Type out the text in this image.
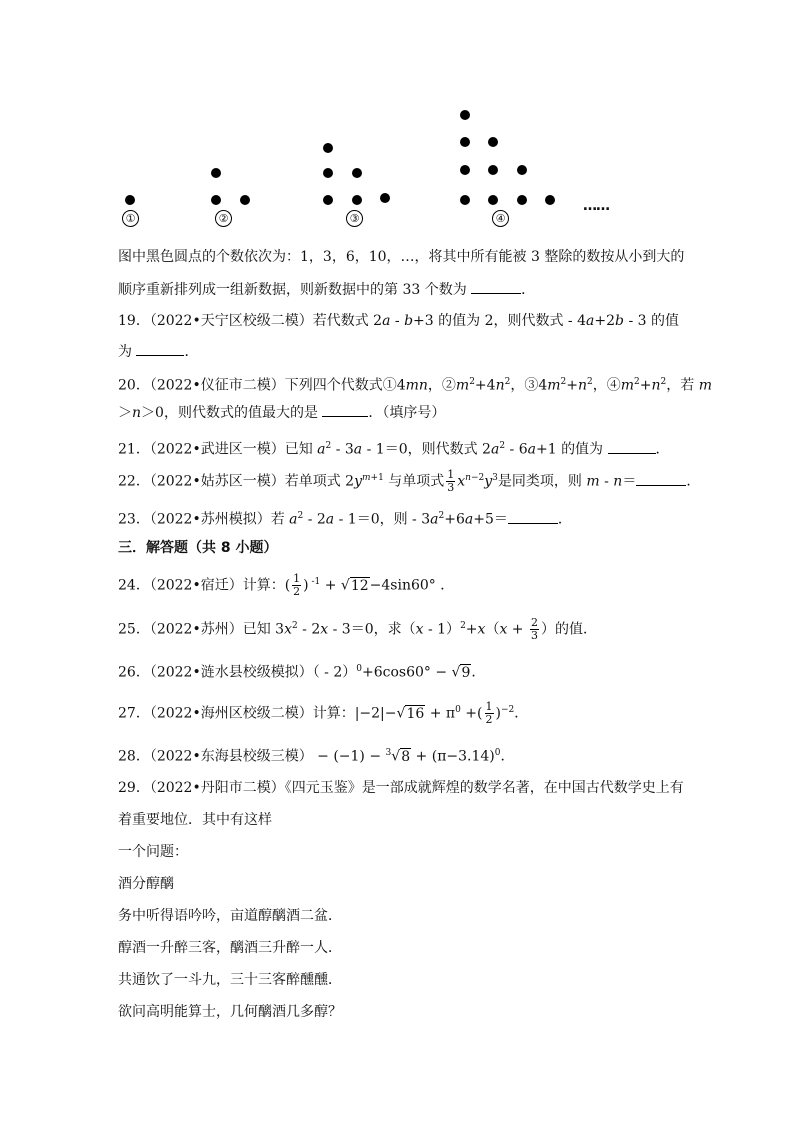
……
①	②	③	④
图中黑色圆点的个数依次为：1，3，6，10，…，将其中所有能被 3 整除的数按从小到大的
顺序重新排列成一组新数据，则新数据中的第 33 个数为	．
19．（2022•天宁区校级二模）若代数式 2a - b+3 的值为 2，则代数式 - 4a+2b - 3 的值
为	．
20．（2022•仪征市二模）下列四个代数式①4mn，$②m^2+4n^2$，$③4m^2+n^2$，$④m^2+n^2$，若 m
＞n＞0，则代数式的值最大的是	．（填序号）
21．（2022•武进区一模）已知 $a^2 - 3a - 1=0$，则代数式 $2a^2 - 6a+1$ 的值为	．
22．（2022•姑苏区一模）若单项式 $2y^{m+1}$ 与单项式 $\frac{1}{3} x^{n-2}y^3$是同类项，则 m - n＝	．
23．（2022•苏州模拟）若 $a^2 - 2a - 1=0$，则 - $3a^2+6a+5=$	．
三．解答题（共 8 小题）
24．（2022•宿迁）计算：( $\frac{1}{2}$ ) $^{-1}$ + √12−4sin60° ．
25．（2022•苏州）已知 $3x^2 - 2x - 3=0$，求$(x - 1)^2+x(x + \frac{2}{3}$ ）的值．
26．（2022•涟水县校级模拟）（ - 2）$^0$+6cos60° − √9．
27．（2022•海州区校级二模）计算：$|-2|-√16 + \pi^0$ +( $\frac{1}{2} )^{-2}$．
28．（2022•东海县校级三模） − $(-1) - ^3√8 + (\pi-3.14)^0$．
29．（2022•丹阳市二模）《四元玉鉴》是一部成就辉煌的数学名著，在中国古代数学史上有
着重要地位．其中有这样
一个问题：
酒分醇醨
务中听得语吟吟，亩道醇醨酒二盆．
醇酒一升醉三客，醨酒三升醉一人．
共通饮了一斗九，三十三客醉醺醺．
欲问高明能算士，几何醨酒几多醇？
